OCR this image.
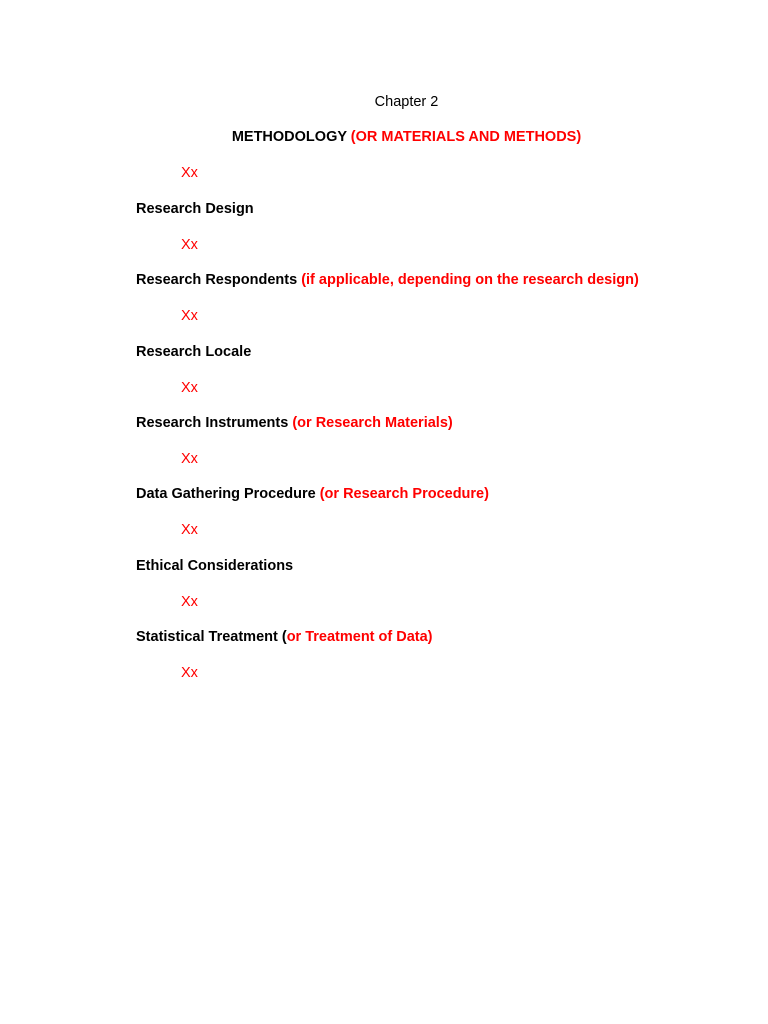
Chapter 2
METHODOLOGY (OR MATERIALS AND METHODS)
Xx
Research Design
Xx
Research Respondents (if applicable, depending on the research design)
Xx
Research Locale
Xx
Research Instruments (or Research Materials)
Xx
Data Gathering Procedure (or Research Procedure)
Xx
Ethical Considerations
Xx
Statistical Treatment (or Treatment of Data)
Xx
